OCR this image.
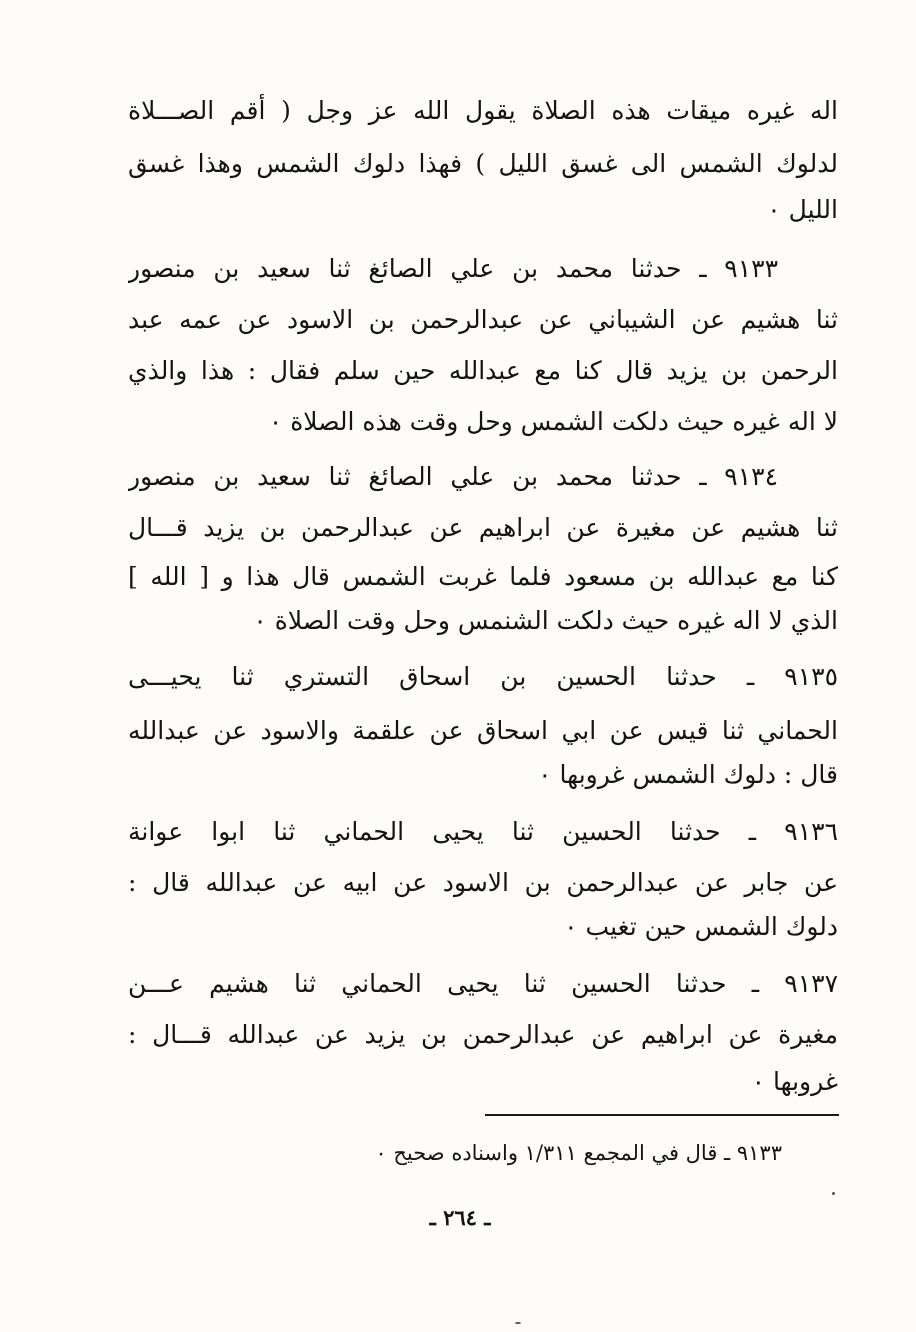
اله غيره ميقات هذه الصلاة يقول الله عز وجل ( أقم الصـــلاة
لدلوك الشمس الى غسق الليل ) فهذا دلوك الشمس وهذا غسق
الليل ٠
٩١٣٣ ـ حدثنا محمد بن علي الصائغ ثنا سعيد بن منصور
ثنا هشيم عن الشيباني عن عبدالرحمن بن الاسود عن عمه عبد
الرحمن بن يزيد قال كنا مع عبدالله حين سلم فقال : هذا والذي
لا اله غيره حيث دلكت الشمس وحل وقت هذه الصلاة ٠
٩١٣٤ ـ حدثنا محمد بن علي الصائغ ثنا سعيد بن منصور
ثنا هشيم عن مغيرة عن ابراهيم عن عبدالرحمن بن يزيد قـــال
كنا مع عبدالله بن مسعود فلما غربت الشمس قال هذا و [ الله ]
الذي لا اله غيره حيث دلكت الشنمس وحل وقت الصلاة ٠
٩١٣٥ ـ حدثنا الحسين بن اسحاق التستري ثنا يحيـــى
الحماني ثنا قيس عن ابي اسحاق عن علقمة والاسود عن عبدالله
قال : دلوك الشمس غروبها ٠
٩١٣٦ ـ حدثنا الحسين ثنا يحيى الحماني ثنا ابوا عوانة
عن جابر عن عبدالرحمن بن الاسود عن ابيه عن عبدالله قال :
دلوك الشمس حين تغيب ٠
٩١٣٧ ـ حدثنا الحسين ثنا يحيى الحماني ثنا هشيم عـــن
مغيرة عن ابراهيم عن عبدالرحمن بن يزيد عن عبدالله قـــال :
غروبها ٠
٩١٣٣ ـ قال في المجمع ١/٣١١ واسناده صحيح ٠
ـ ٢٦٤ ـ
